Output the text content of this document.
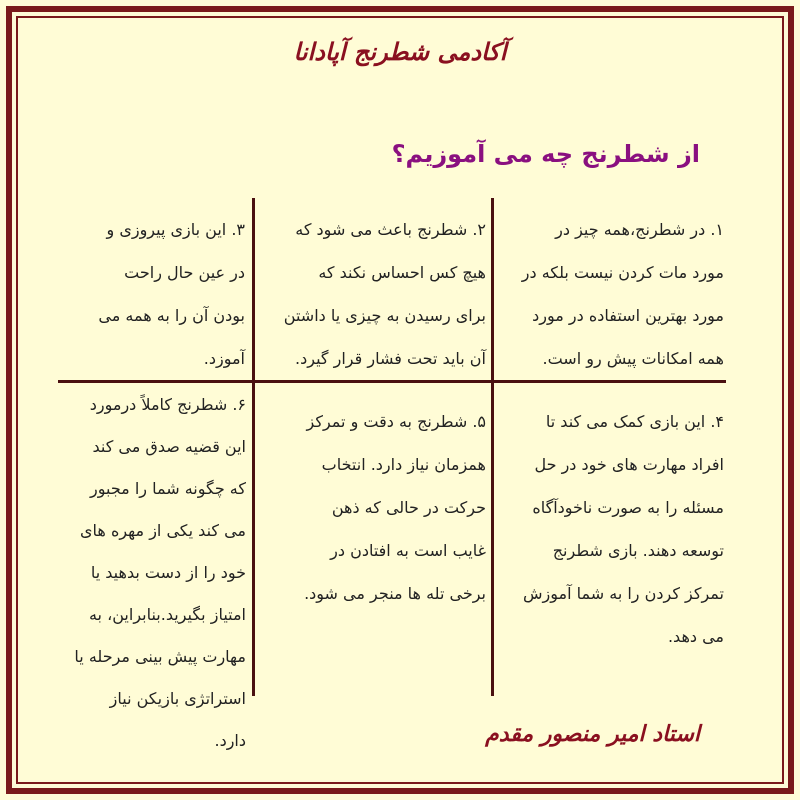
آکادمی شطرنج آپادانا
از شطرنج چه می آموزیم؟
۱. در شطرنج،همه چیز در
مورد مات کردن نیست بلکه در
مورد بهترین استفاده در مورد
همه امکانات پیش رو است.
۲. شطرنج باعث می شود که
هیچ کس احساس نکند که
برای رسیدن به چیزی یا داشتن
آن باید تحت فشار قرار گیرد.
۳. این بازی پیروزی و
در عین حال راحت
بودن آن را به همه می
آموزد.
۴. این بازی کمک می کند تا
افراد مهارت های خود در حل
مسئله را به صورت ناخودآگاه
توسعه دهند. بازی شطرنج
تمرکز کردن را به شما آموزش
می دهد.
۵. شطرنج به دقت و تمرکز
همزمان نیاز دارد. انتخاب
حرکت در حالی که ذهن
غایب است به افتادن در
برخی تله ها منجر می شود.
۶. شطرنج کاملاً درمورد
این قضیه صدق می کند
که چگونه شما را مجبور
می کند یکی از مهره های
خود را از دست بدهید یا
امتیاز بگیرید.بنابراین، به
مهارت پیش بینی مرحله یا
استراتژی بازیکن نیاز
دارد.	استاد امیر منصور مقدم
